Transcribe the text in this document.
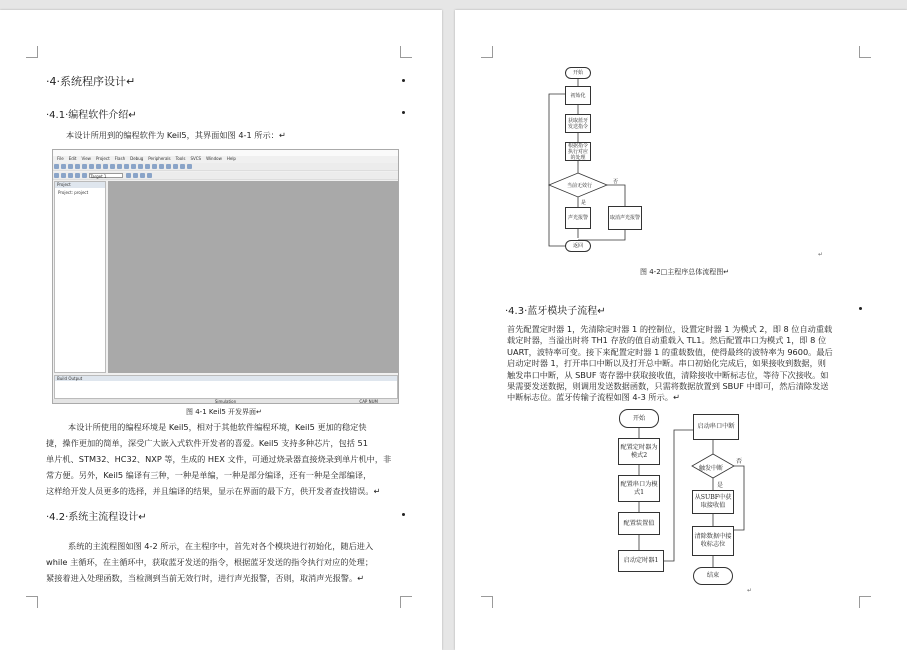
·4·系统程序设计↵
·4.1·编程软件介绍↵
本设计所用到的编程软件为 Keil5，其界面如图 4-1 所示：↵
File Edit View Project Flash Debug Peripherals Tools SVCS Window Help
Target 1
Project
Project: project
Build Output
Simulation	CAP NUM
图 4-1 Keil5 开发界面↵
本设计所使用的编程环境是 Keil5，相对于其他软件编程环境，Keil5 更加的稳定快
捷，操作更加的简单，深受广大嵌入式软件开发者的喜爱。Keil5 支持多种芯片，包括 51
单片机、STM32、HC32、NXP 等，生成的 HEX 文件，可通过烧录器直接烧录到单片机中，非
常方便。另外，Keil5 编译有三种，一种是单编，一种是部分编译，还有一种是全部编译，
这样给开发人员更多的选择，并且编译的结果，显示在界面的最下方，供开发者查找错误。↵
·4.2·系统主流程设计↵
系统的主流程图如图 4-2 所示，在主程序中，首先对各个模块进行初始化，随后进入
while 主循环，在主循环中，获取蓝牙发送的指令，根据蓝牙发送的指令执行对应的处理；
紧接着进入处理函数，当检测到当前无效行时，进行声光报警，否则，取消声光报警。↵
开始
初始化
获取蓝牙发送指令
根据指令执行对应的处理
当前无效行
是
否
声光报警	取消声光报警
返回
↵
图 4-2□主程序总体流程图↵
·4.3·蓝牙模块子流程↵
首先配置定时器 1，先清除定时器 1 的控制位，设置定时器 1 为模式 2，即 8 位自动重载
载定时器，当溢出时将 TH1 存放的值自动重载入 TL1。然后配置串口为模式 1，即 8 位
UART，波特率可变。接下来配置定时器 1 的重载数值，使得最终的波特率为 9600。最后
启动定时器 1，打开串口中断以及打开总中断。串口初始化完成后，如果接收到数据，则
触发串口中断，从 SBUF 寄存器中获取接收值，清除接收中断标志位，等待下次接收。如
果需要发送数据，则调用发送数据函数，只需将数据放置到 SBUF 中即可，然后清除发送
中断标志位。蓝牙传输子流程如图 4-3 所示。↵
开始
配置定时器为模式2
配置串口为模式1
配置装置值
启动定时器1
启动串口中断
触发中断
是
否
从SUBF中获取接收值
清除数据中接收标志位
结束
↵
